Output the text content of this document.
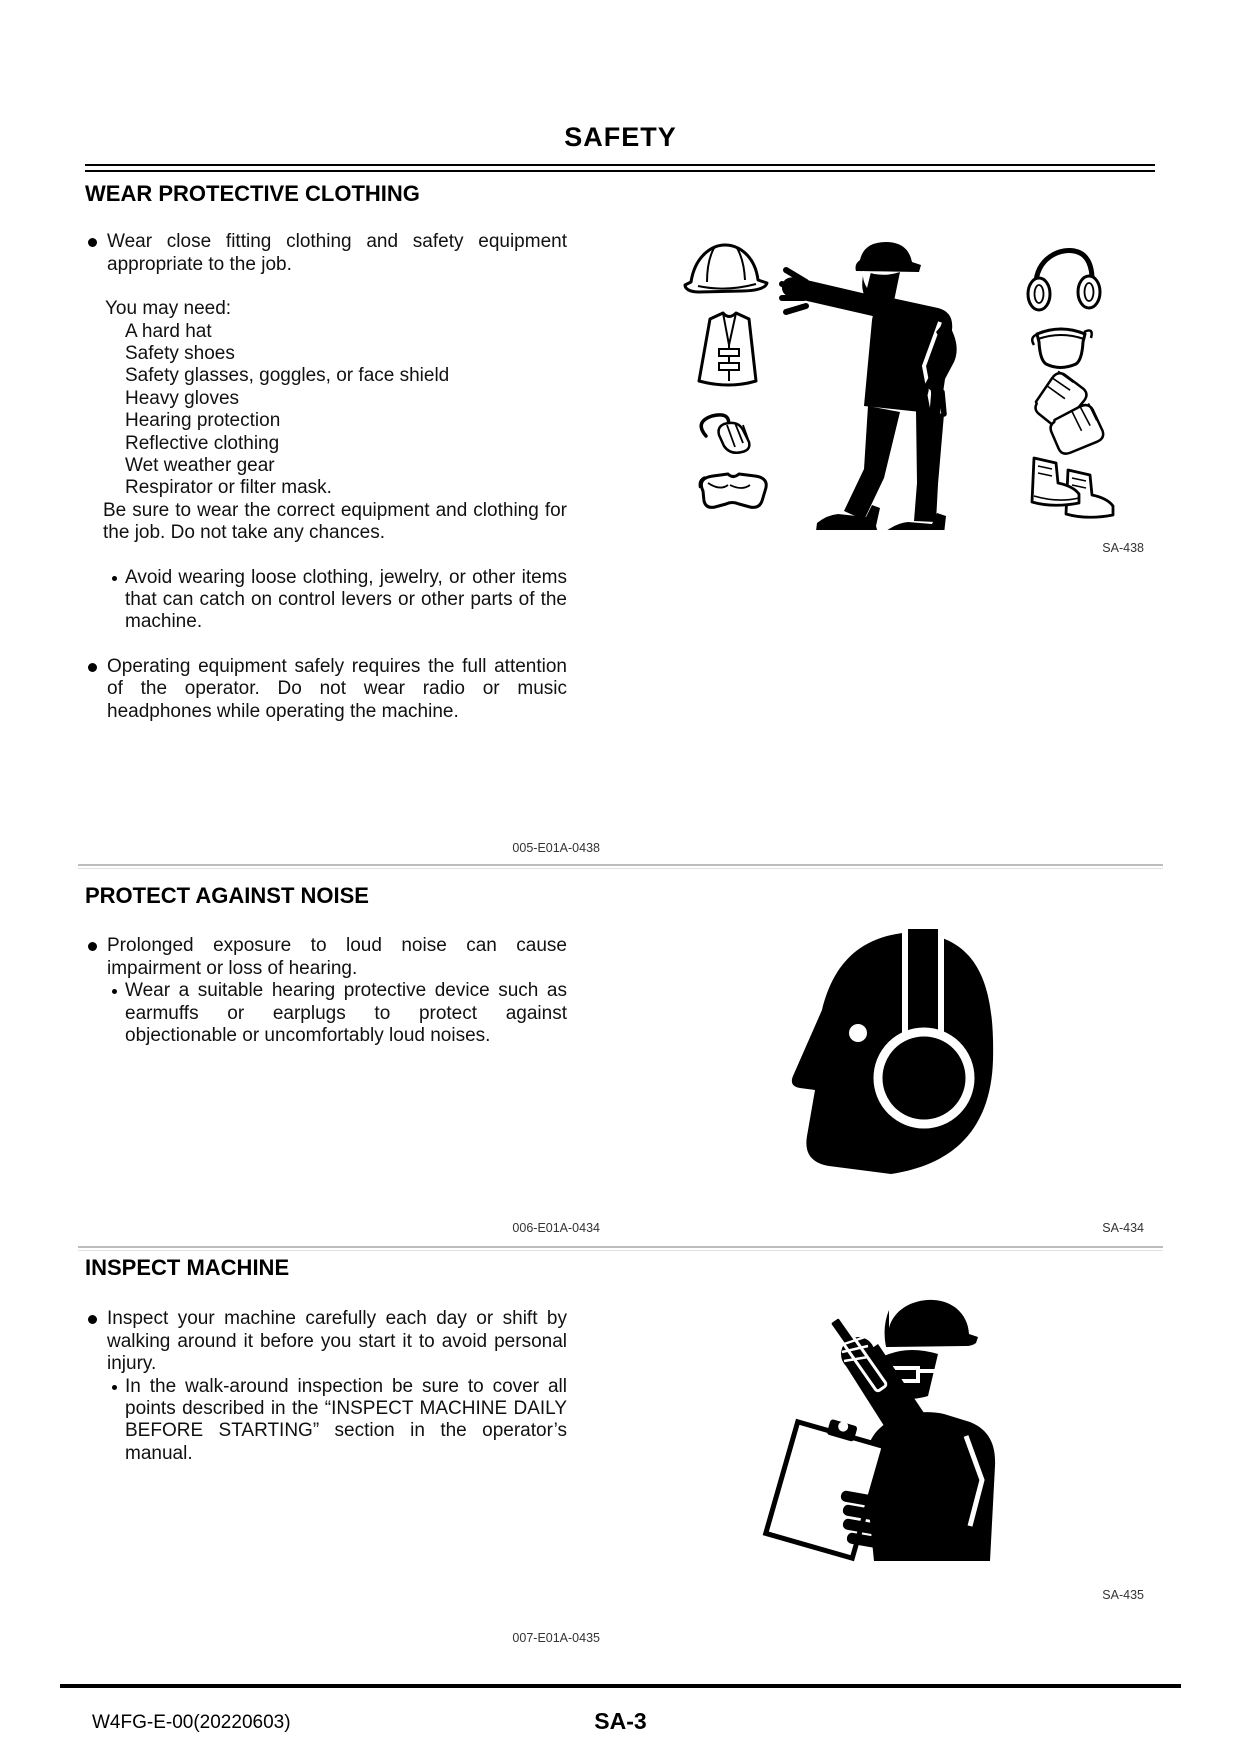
SAFETY
WEAR PROTECTIVE CLOTHING

Wear close fitting clothing and safety equipment appropriate to the job.

You may need:

A hard hat
Safety shoes
Safety glasses, goggles, or face shield
Heavy gloves
Hearing protection
Reflective clothing
Wet weather gear
Respirator or filter mask.

Be sure to wear the correct equipment and clothing for the job. Do not take any chances.

Avoid wearing loose clothing, jewelry, or other items that can catch on control levers or other parts of the machine.

Operating equipment safely requires the full attention of the operator. Do not wear radio or music headphones while operating the machine.

SA-438
005-E01A-0438
PROTECT AGAINST NOISE

Prolonged exposure to loud noise can cause impairment or loss of hearing.

Wear a suitable hearing protective device such as earmuffs or earplugs to protect against objectionable or uncomfortably loud noises.

SA-434
006-E01A-0434
INSPECT MACHINE

Inspect your machine carefully each day or shift by walking around it before you start it to avoid personal injury.

In the walk-around inspection be sure to cover all points described in the “INSPECT MACHINE DAILY BEFORE STARTING” section in the operator’s manual.

SA-435
007-E01A-0435
W4FG-E-00(20220603)	SA-3
